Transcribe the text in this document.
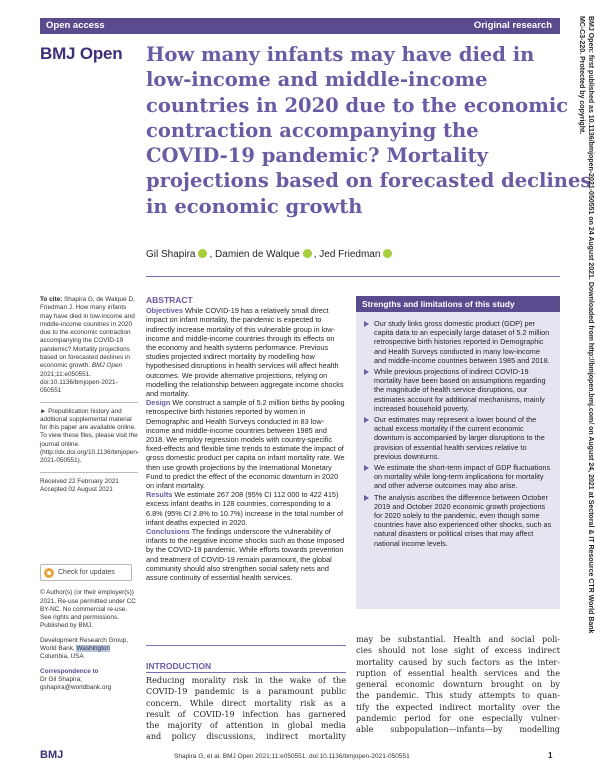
Open access	Original research
BMJ Open How many infants may have died in
low-income and middle-income
countries in 2020 due to the economic
contraction accompanying the
COVID-19 pandemic? Mortality
projections based on forecasted declines
in economic growth
Gil Shapira , Damien de Walque , Jed Friedman
To cite: Shapira G, de Walque D, Friedman J. How many infants may have died in low-income and middle-income countries in 2020 due to the economic contraction accompanying the COVID-19 pandemic? Mortality projections based on forecasted declines in economic growth. BMJ Open 2021;11:e050551. doi:10.1136/bmjopen-2021-050551
► Prepublication history and additional supplemental material for this paper are available online. To view these files, please visit the journal online. (http://dx.doi.org/10.1136/bmjopen-2021-050551).
Received 22 February 2021
Accepted 02 August 2021
Check for updates
© Author(s) (or their employer(s)) 2021. Re-use permitted under CC BY-NC. No commercial re-use. See rights and permissions. Published by BMJ.
Development Research Group, World Bank, Washington Columbia, USA
Correspondence to
Dr Gil Shapira;
gshapira@worldbank.org
ABSTRACT

Objectives While COVID-19 has a relatively small direct impact on infant mortality, the pandemic is expected to indirectly increase mortality of this vulnerable group in low-income and middle-income countries through its effects on the economy and health systems performance. Previous studies projected indirect mortality by modelling how hypothesised disruptions in health services will affect health outcomes. We provide alternative projections, relying on modelling the relationship between aggregate income shocks and mortality.

Design We construct a sample of 5.2 million births by pooling retrospective birth histories reported by women in Demographic and Health Surveys conducted in 83 low-income and middle-income countries between 1985 and 2018. We employ regression models with country-specific fixed-effects and flexible time trends to estimate the impact of gross domestic product per capita on infant mortality rate. We then use growth projections by the International Monetary Fund to predict the effect of the economic downturn in 2020 on infant mortality.

Results We estimate 267 208 (95% CI 112 000 to 422 415) excess infant deaths in 128 countries, corresponding to a 6.8% (95% CI 2.8% to 10.7%) increase in the total number of infant deaths expected in 2020.

Conclusions The findings underscore the vulnerability of infants to the negative income shocks such as those imposed by the COVID-19 pandemic. While efforts towards prevention and treatment of COVID-19 remain paramount, the global community should also strengthen social safety nets and assure continuity of essential health services.

Strengths and limitations of this study
Our study links gross domestic product (GDP) per capita data to an especially large dataset of 5.2 million retrospective birth histories reported in Demographic and Health Surveys conducted in many low-income and middle-income countries between 1985 and 2018.
While previous projections of indirect COVID-19 mortality have been based on assumptions regarding the magnitude of health service disruptions, our estimates account for additional mechanisms, mainly increased household poverty.
Our estimates may represent a lower bound of the actual excess mortality if the current economic downturn is accompanied by larger disruptions to the provision of essential health services relative to previous downturns.
We estimate the short-term impact of GDP fluctuations on mortality while long-term implications for mortality and other adverse outcomes may also arise.
The analysis ascribes the difference between October 2019 and October 2020 economic growth projections for 2020 solely to the pandemic, even though some countries have also experienced other shocks, such as natural disasters or political crises that may affect national income levels.
INTRODUCTION
Reducing morality risk in the wake of the
COVID-19 pandemic is a paramount public
concern. While direct mortality risk as a
result of COVID-19 infection has garnered
the majority of attention in global media
and policy discussions, indirect mortality
may be substantial. Health and social poli-
cies should not lose sight of excess indirect
mortality caused by such factors as the inter-
ruption of essential health services and the
general economic downturn brought on by
the pandemic. This study attempts to quan-
tify the expected indirect mortality over the
pandemic period for one especially vulner-
able subpopulation—infants—by modelling
BMJ	Shapira G, et al. BMJ Open 2021;11:e050551. doi:10.1136/bmjopen-2021-050551	1
BMJ Open: first published as 10.1136/bmjopen-2021-050551 on 24 August 2021. Downloaded from http://bmjopen.bmj.com/ on August 24, 2021 at Sectoral & IT Resource CTR World Bank
MC-C3-220. Protected by copyright.
